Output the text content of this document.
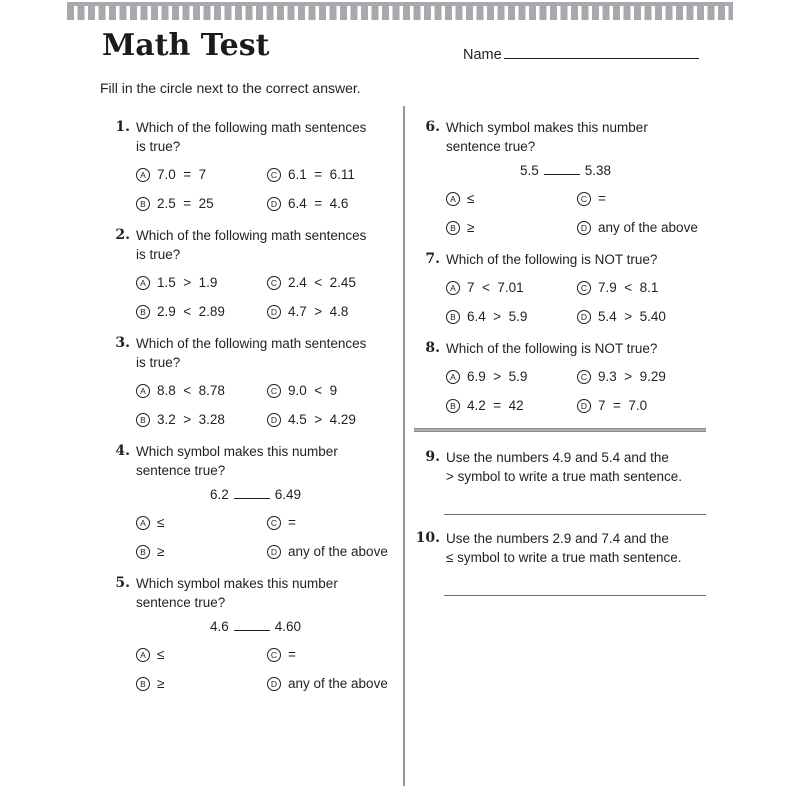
Math Test	Name
Fill in the circle next to the correct answer.
1. Which of the following math sentences
is true?
A 7.0  =  7	C 6.1  =  6.11
B 2.5  =  25	D 6.4  =  4.6
2. Which of the following math sentences
is true?
A 1.5  >  1.9	C 2.4  <  2.45
B 2.9  <  2.89	D 4.7  >  4.8
3. Which of the following math sentences
is true?
A 8.8  <  8.78	C 9.0  <  9
B 3.2  >  3.28	D 4.5  >  4.29
4. Which symbol makes this number
sentence true?
6.2	6.49
A ≤	C =
B ≥	D any of the above
5. Which symbol makes this number
sentence true?
4.6	4.60
A ≤	C =
B ≥	D any of the above
6. Which symbol makes this number
sentence true?
5.5	5.38
A ≤	C =
B ≥	D any of the above
7. Which of the following is NOT true?
A 7  <  7.01	C 7.9  <  8.1
B 6.4  >  5.9	D 5.4  >  5.40
8. Which of the following is NOT true?
A 6.9  >  5.9	C 9.3  >  9.29
B 4.2  =  42	D 7  =  7.0
9. Use the numbers 4.9 and 5.4 and the
> symbol to write a true math sentence.
10. Use the numbers 2.9 and 7.4 and the
≤ symbol to write a true math sentence.
